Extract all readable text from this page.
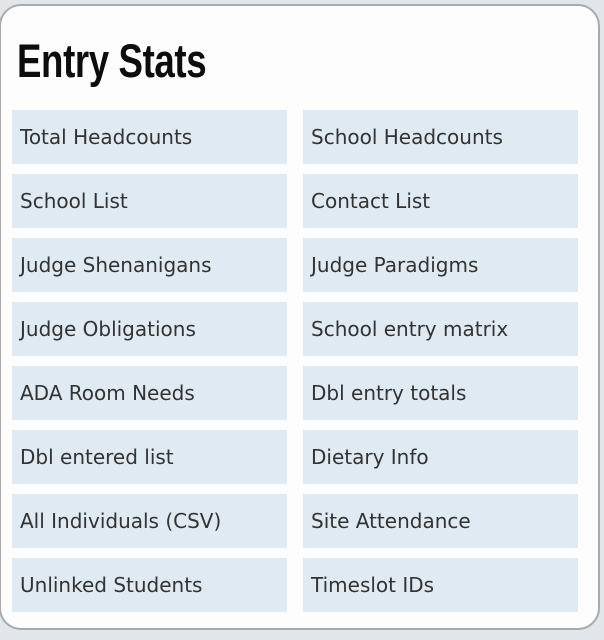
Entry Stats
Total Headcounts	School Headcounts
School List	Contact List
Judge Shenanigans	Judge Paradigms
Judge Obligations	School entry matrix
ADA Room Needs	Dbl entry totals
Dbl entered list	Dietary Info
All Individuals (CSV)	Site Attendance
Unlinked Students	Timeslot IDs
